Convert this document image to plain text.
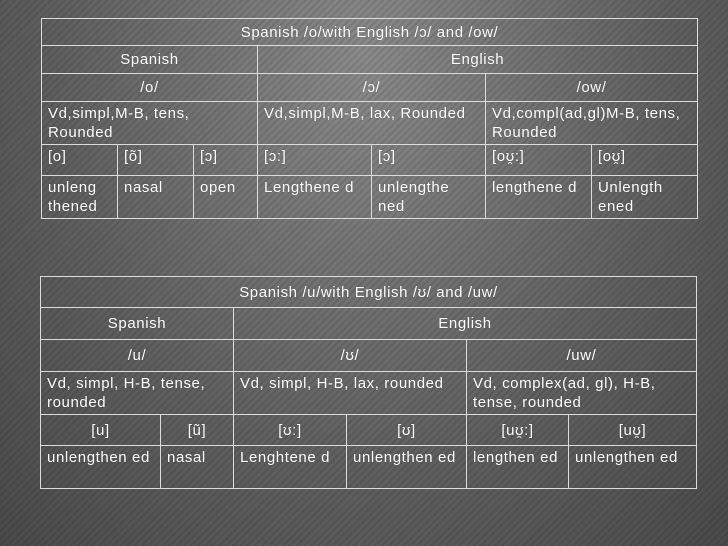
Spanish /o/with English /ɔ/ and /ow/						
Spanish			English			
/o/			/ɔ/		/ow/	
Vd,simpl,M-B, tens, Rounded			Vd,simpl,M-B, lax, Rounded		Vd,compl(ad,gl)M-B, tens, Rounded	
[o]	[õ]	[ɔ]	[ɔ:]	[ɔ]	[oʊ̯:]	[oʊ̯]
unleng thened	nasal	open	Lengthene d	unlengthe ned	lengthene d	Unlength ened
Spanish /u/with English /ʊ/ and /uw/					
Spanish		English			
/u/		/ʊ/		/uw/	
Vd, simpl, H-B, tense, rounded		Vd, simpl, H-B, lax, rounded		Vd, complex(ad, gl), H-B, tense, rounded	
[u]	[ũ]	[ʊ:]	[ʊ]	[uʊ̯:]	[uʊ̯]
unlengthen ed	nasal	Lenghtene d	unlengthen ed	lengthen ed	unlengthen ed
